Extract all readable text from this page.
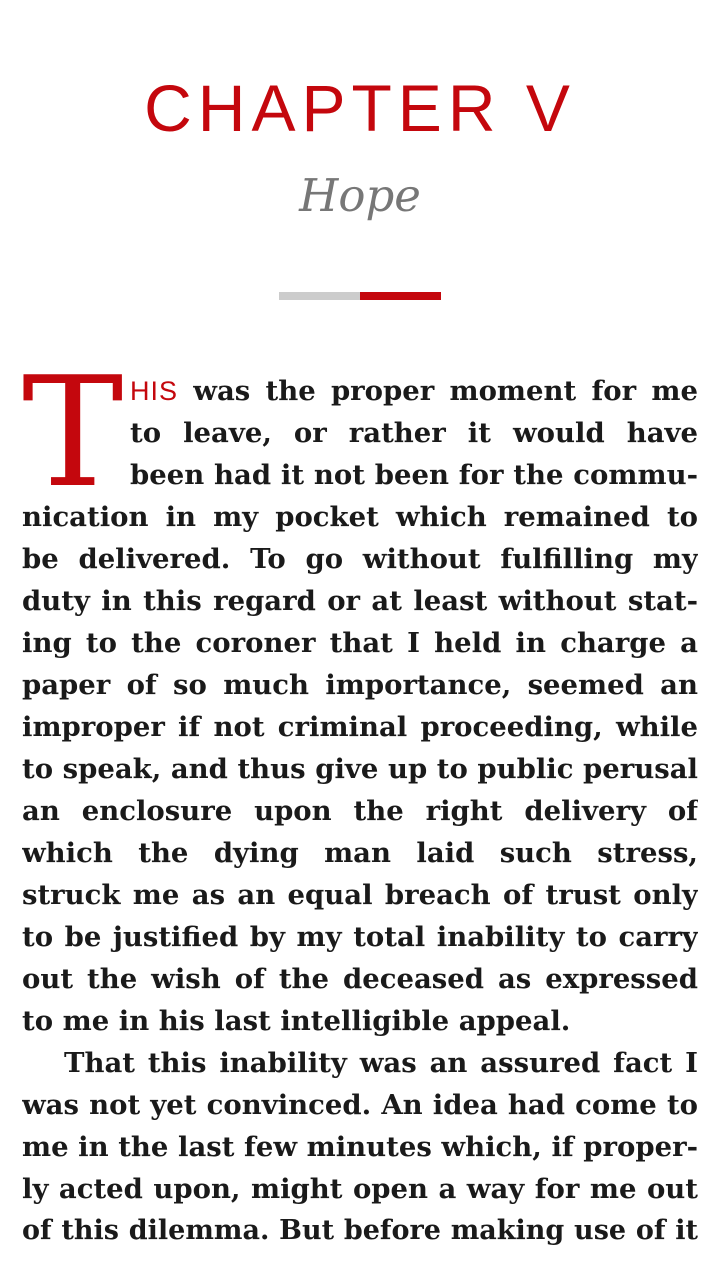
CHAPTER V
Hope
T HIS was the proper moment for me
to leave, or rather it would have
been had it not been for the commu-
nication in my pocket which remained to
be delivered. To go without fulfilling my
duty in this regard or at least without stat-
ing to the coroner that I held in charge a
paper of so much importance, seemed an
improper if not criminal proceeding, while
to speak, and thus give up to public perusal
an enclosure upon the right delivery of
which the dying man laid such stress,
struck me as an equal breach of trust only
to be justified by my total inability to carry
out the wish of the deceased as expressed
to me in his last intelligible appeal.
That this inability was an assured fact I
was not yet convinced. An idea had come to
me in the last few minutes which, if proper-
ly acted upon, might open a way for me out
of this dilemma. But before making use of it
